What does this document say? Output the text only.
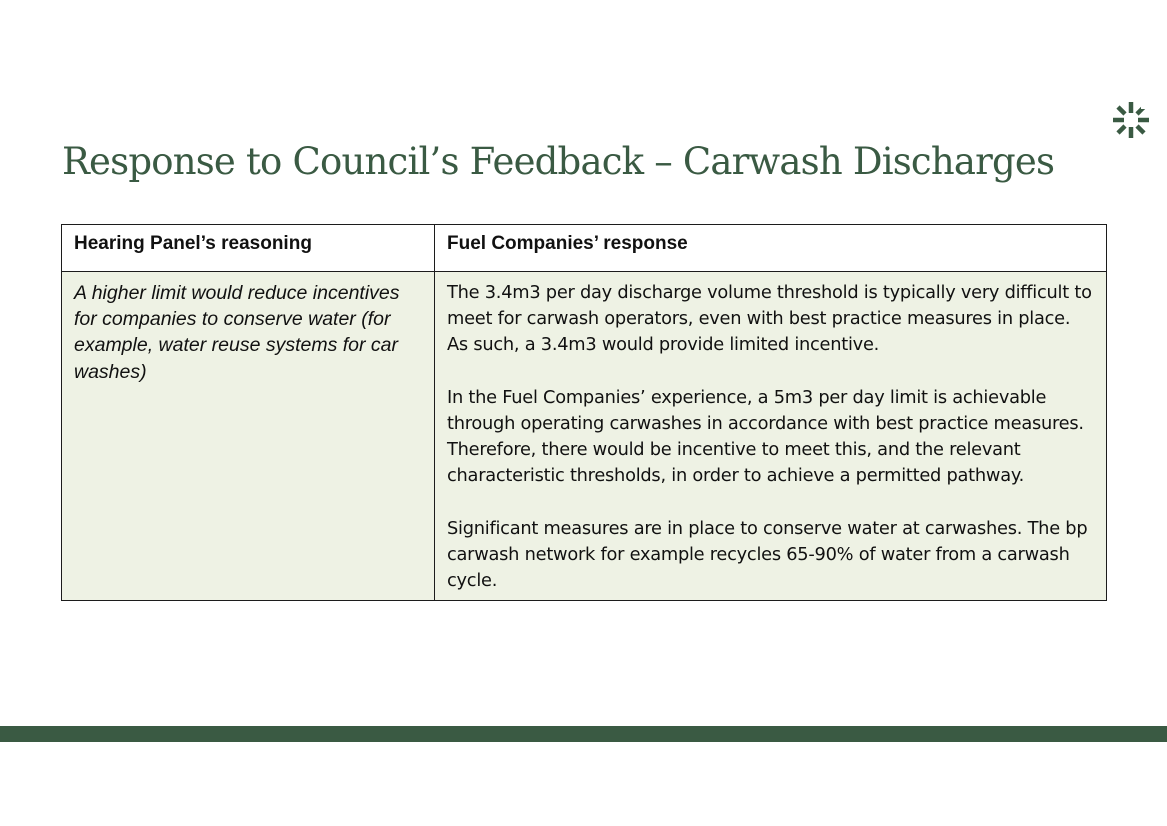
Response to Council’s Feedback – Carwash Discharges
Hearing Panel’s reasoning	Fuel Companies’ response

A higher limit would reduce incentives for companies to conserve water (for example, water reuse systems for car washes)	The 3.4m3 per day discharge volume threshold is typically very difficult to meet for carwash operators, even with best practice measures in place. As such, a 3.4m3 would provide limited incentive.

In the Fuel Companies’ experience, a 5m3 per day limit is achievable through operating carwashes in accordance with best practice measures. Therefore, there would be incentive to meet this, and the relevant characteristic thresholds, in order to achieve a permitted pathway.

Significant measures are in place to conserve water at carwashes. The bp carwash network for example recycles 65-90% of water from a carwash cycle.
